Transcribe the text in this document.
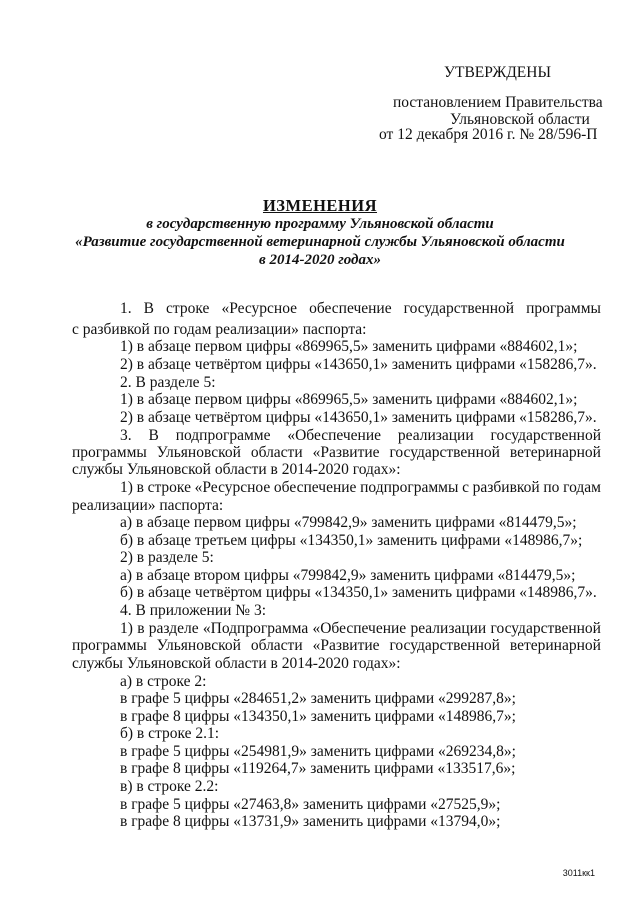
УТВЕРЖДЕНЫ
постановлением Правительства
Ульяновской области
от 12 декабря 2016 г. № 28/596-П
ИЗМЕНЕНИЯ
в государственную программу Ульяновской области
«Развитие государственной ветеринарной службы Ульяновской области
в 2014-2020 годах»
1. В строке «Ресурсное обеспечение государственной программы
с разбивкой по годам реализации» паспорта:
1) в абзаце первом цифры «869965,5» заменить цифрами «884602,1»;
2) в абзаце четвёртом цифры «143650,1» заменить цифрами «158286,7».
2. В разделе 5:
1) в абзаце первом цифры «869965,5» заменить цифрами «884602,1»;
2) в абзаце четвёртом цифры «143650,1» заменить цифрами «158286,7».
3. В подпрограмме «Обеспечение реализации государственной
программы Ульяновской области «Развитие государственной ветеринарной
службы Ульяновской области в 2014-2020 годах»:
1) в строке «Ресурсное обеспечение подпрограммы с разбивкой по годам
реализации» паспорта:
а) в абзаце первом цифры «799842,9» заменить цифрами «814479,5»;
б) в абзаце третьем цифры «134350,1» заменить цифрами «148986,7»;
2) в разделе 5:
а) в абзаце втором цифры «799842,9» заменить цифрами «814479,5»;
б) в абзаце четвёртом цифры «134350,1» заменить цифрами «148986,7».
4. В приложении № 3:
1) в разделе «Подпрограмма «Обеспечение реализации государственной
программы Ульяновской области «Развитие государственной ветеринарной
службы Ульяновской области в 2014-2020 годах»:
а) в строке 2:
в графе 5 цифры «284651,2» заменить цифрами «299287,8»;
в графе 8 цифры «134350,1» заменить цифрами «148986,7»;
б) в строке 2.1:
в графе 5 цифры «254981,9» заменить цифрами «269234,8»;
в графе 8 цифры «119264,7» заменить цифрами «133517,6»;
в) в строке 2.2:
в графе 5 цифры «27463,8» заменить цифрами «27525,9»;
в графе 8 цифры «13731,9» заменить цифрами «13794,0»;
3011кк1
